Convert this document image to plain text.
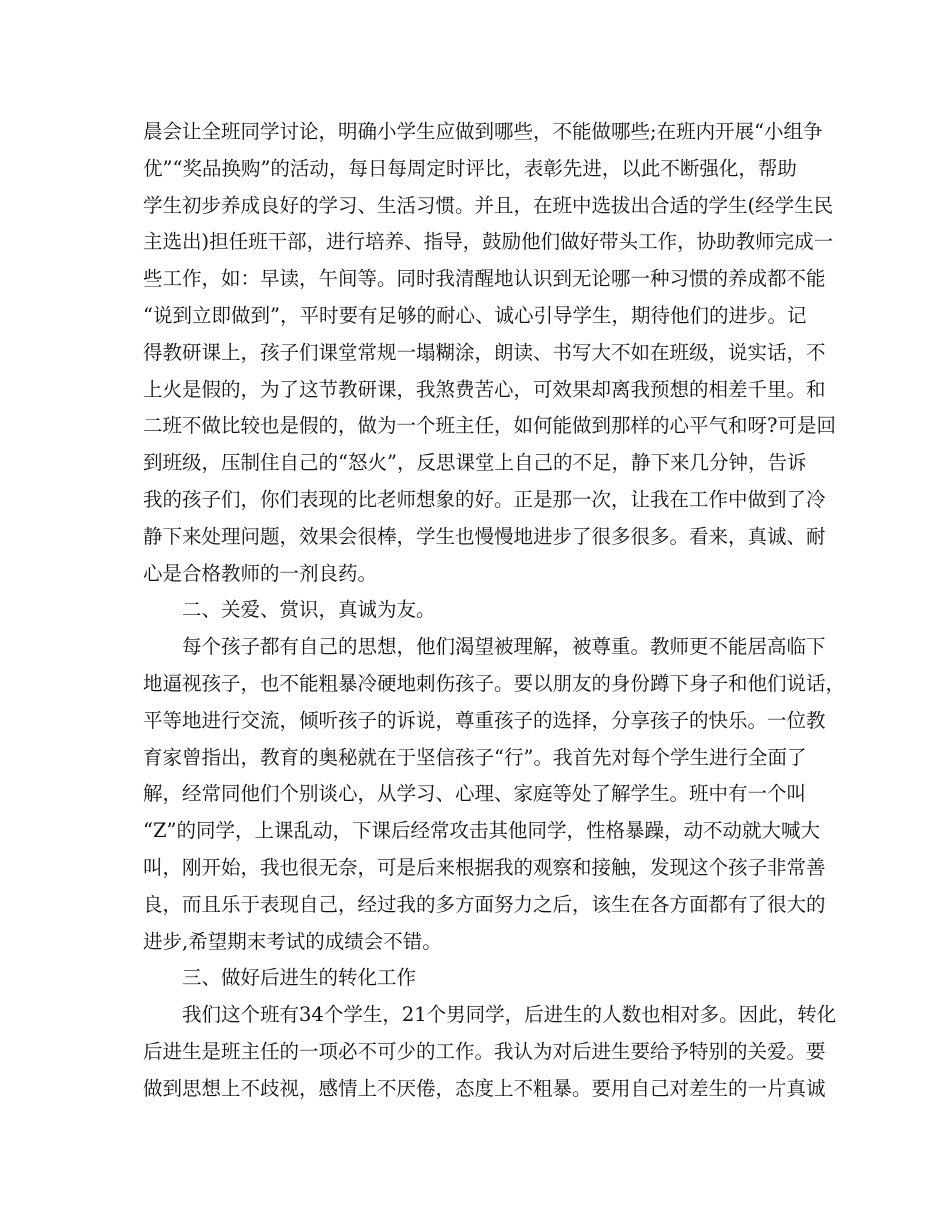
晨会让全班同学讨论，明确小学生应做到哪些，不能做哪些;在班内开展“小组争
优”“奖品换购”的活动，每日每周定时评比，表彰先进，以此不断强化，帮助
学生初步养成良好的学习、生活习惯。并且，在班中选拔出合适的学生(经学生民
主选出)担任班干部，进行培养、指导，鼓励他们做好带头工作，协助教师完成一
些工作，如：早读，午间等。同时我清醒地认识到无论哪一种习惯的养成都不能
“说到立即做到”，平时要有足够的耐心、诚心引导学生，期待他们的进步。记
得教研课上，孩子们课堂常规一塌糊涂，朗读、书写大不如在班级，说实话，不
上火是假的，为了这节教研课，我煞费苦心，可效果却离我预想的相差千里。和
二班不做比较也是假的，做为一个班主任，如何能做到那样的心平气和呀?可是回
到班级，压制住自己的“怒火”，反思课堂上自己的不足，静下来几分钟，告诉
我的孩子们，你们表现的比老师想象的好。正是那一次，让我在工作中做到了冷
静下来处理问题，效果会很棒，学生也慢慢地进步了很多很多。看来，真诚、耐
心是合格教师的一剂良药。
二、关爱、赏识，真诚为友。
每个孩子都有自己的思想，他们渴望被理解，被尊重。教师更不能居高临下
地逼视孩子，也不能粗暴冷硬地刺伤孩子。要以朋友的身份蹲下身子和他们说话，
平等地进行交流，倾听孩子的诉说，尊重孩子的选择，分享孩子的快乐。一位教
育家曾指出，教育的奥秘就在于坚信孩子“行”。我首先对每个学生进行全面了
解，经常同他们个别谈心，从学习、心理、家庭等处了解学生。班中有一个叫
“Z”的同学，上课乱动，下课后经常攻击其他同学，性格暴躁，动不动就大喊大
叫，刚开始，我也很无奈，可是后来根据我的观察和接触，发现这个孩子非常善
良，而且乐于表现自己，经过我的多方面努力之后，该生在各方面都有了很大的
进步,希望期末考试的成绩会不错。
三、做好后进生的转化工作
我们这个班有34个学生，21个男同学，后进生的人数也相对多。因此，转化
后进生是班主任的一项必不可少的工作。我认为对后进生要给予特别的关爱。要
做到思想上不歧视，感情上不厌倦，态度上不粗暴。要用自己对差生的一片真诚
